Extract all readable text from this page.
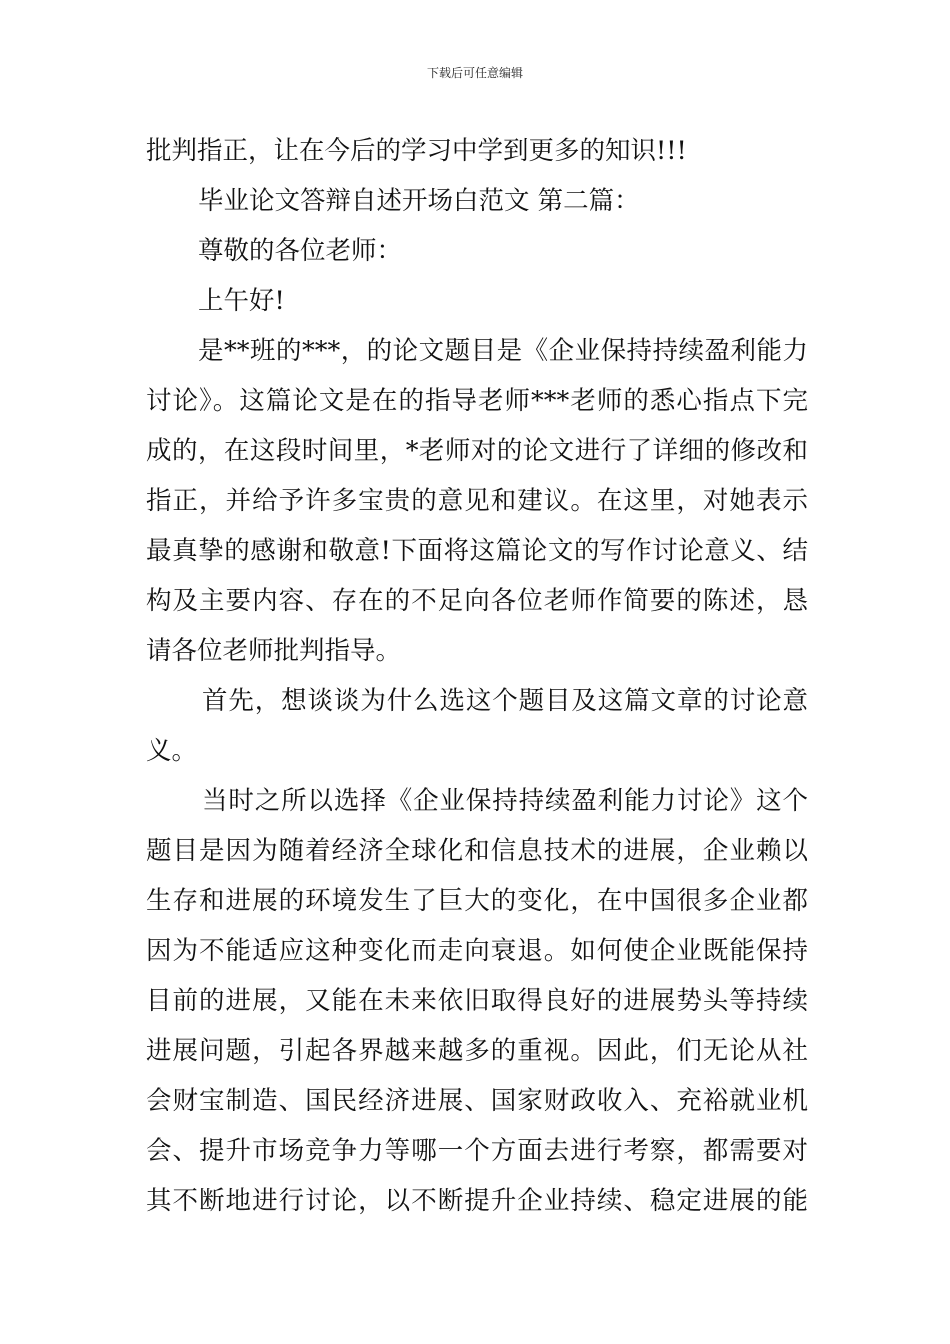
下载后可任意编辑
批判指正，让在今后的学习中学到更多的知识!!!
毕业论文答辩自述开场白范文 第二篇：
尊敬的各位老师：
上午好!
是**班的***，的论文题目是《企业保持持续盈利能力
讨论》。这篇论文是在的指导老师***老师的悉心指点下完
成的，在这段时间里，*老师对的论文进行了详细的修改和
指正，并给予许多宝贵的意见和建议。在这里，对她表示
最真挚的感谢和敬意!下面将这篇论文的写作讨论意义、结
构及主要内容、存在的不足向各位老师作简要的陈述，恳
请各位老师批判指导。
首先，想谈谈为什么选这个题目及这篇文章的讨论意
义。
当时之所以选择《企业保持持续盈利能力讨论》这个
题目是因为随着经济全球化和信息技术的进展，企业赖以
生存和进展的环境发生了巨大的变化，在中国很多企业都
因为不能适应这种变化而走向衰退。如何使企业既能保持
目前的进展，又能在未来依旧取得良好的进展势头等持续
进展问题，引起各界越来越多的重视。因此，们无论从社
会财宝制造、国民经济进展、国家财政收入、充裕就业机
会、提升市场竞争力等哪一个方面去进行考察，都需要对
其不断地进行讨论，以不断提升企业持续、稳定进展的能
